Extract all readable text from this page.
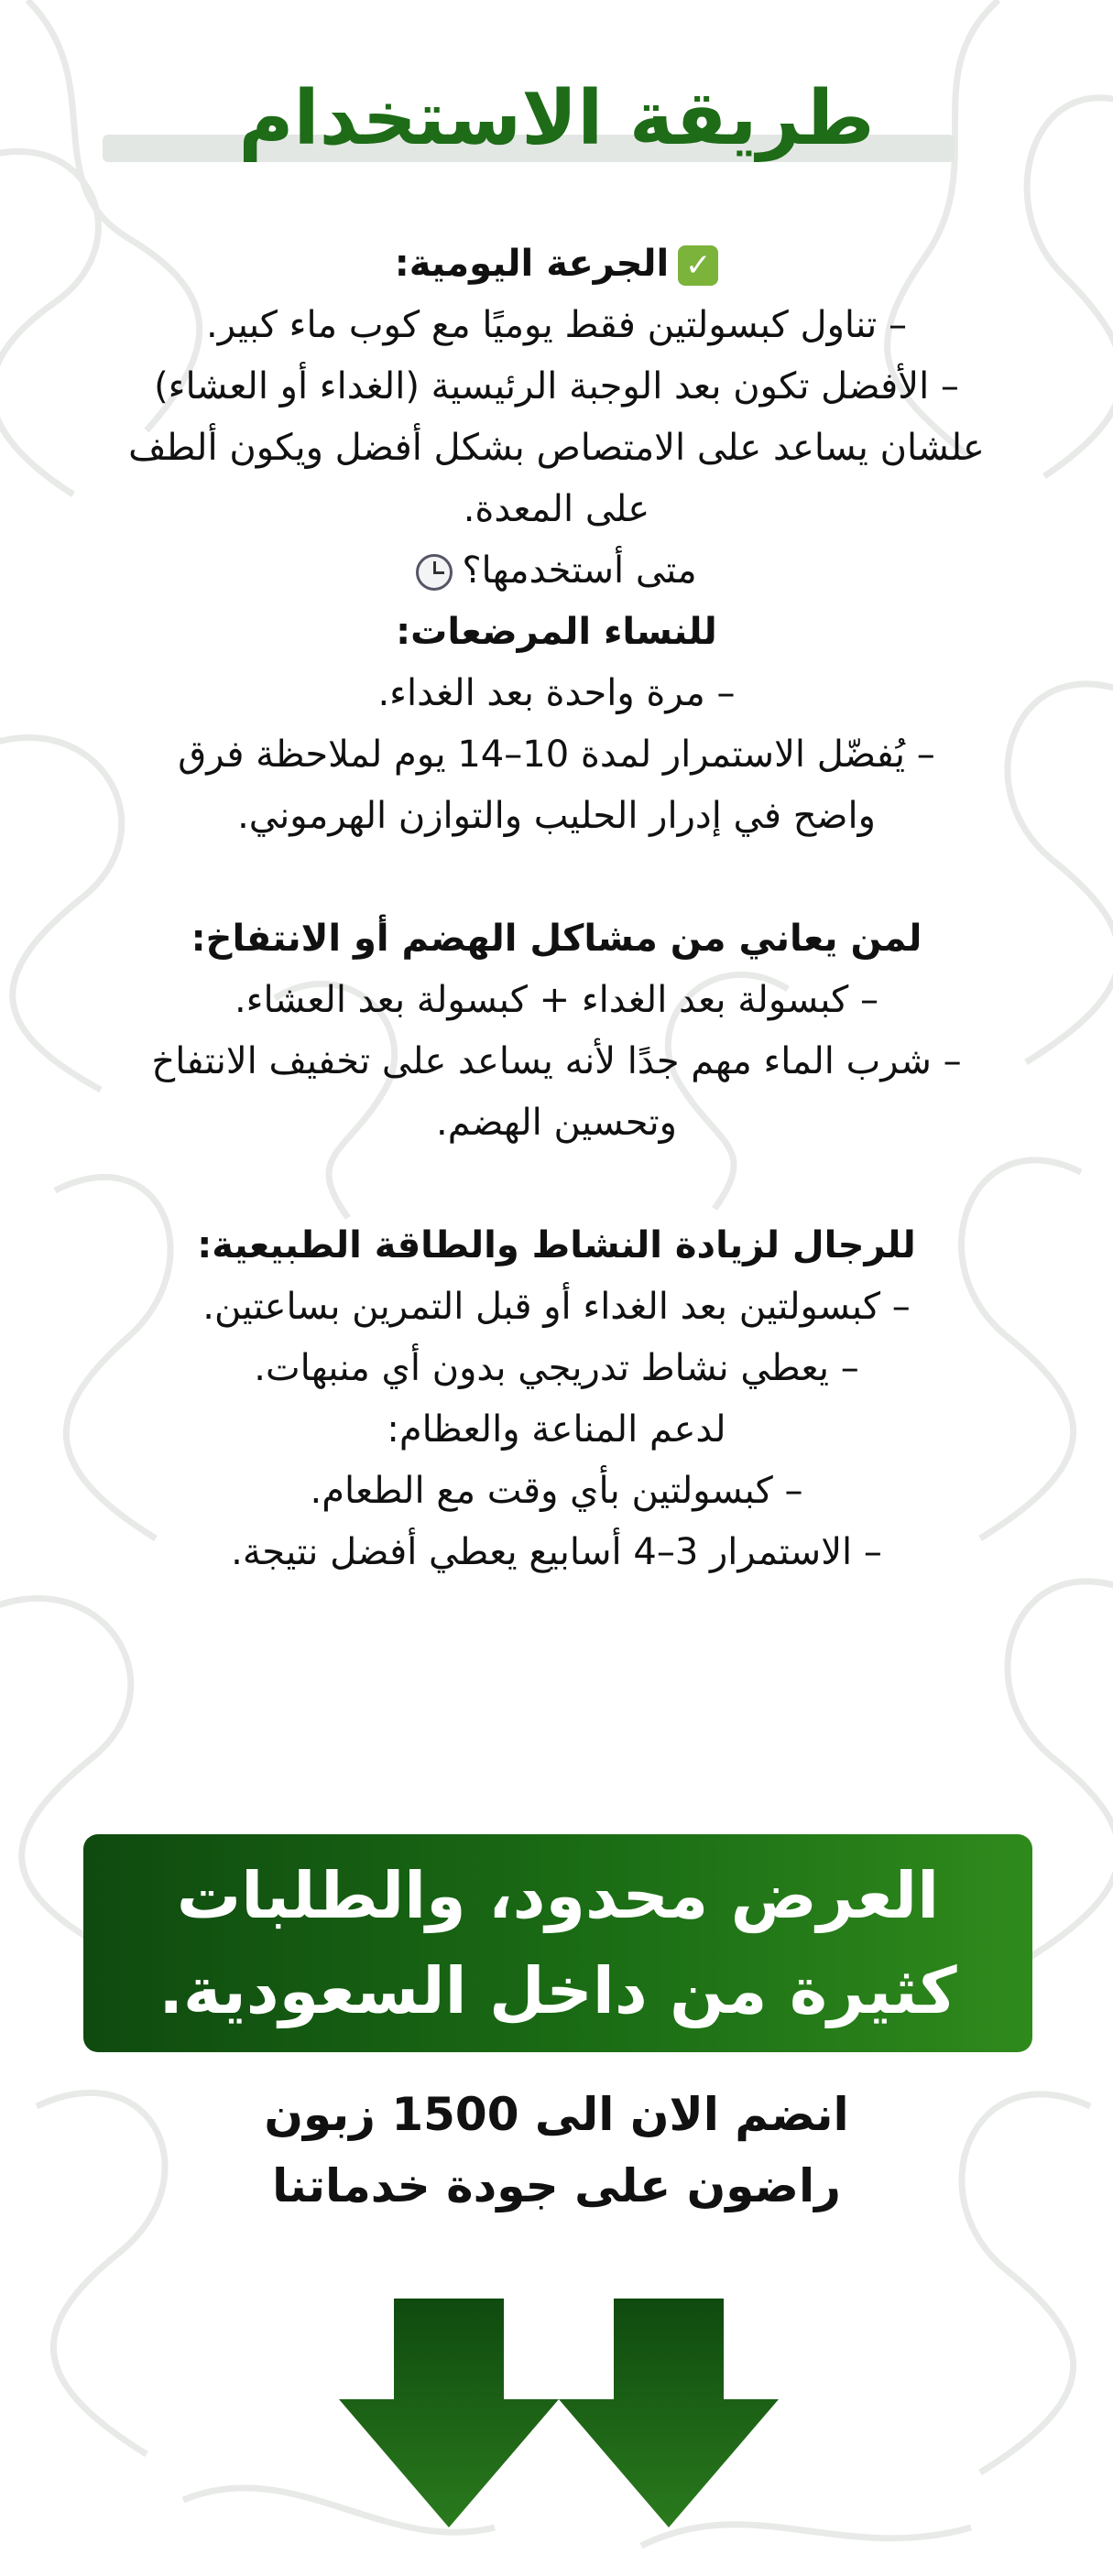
طريقة الاستخدام

✓الجرعة اليومية:

– تناول كبسولتين فقط يوميًا مع كوب ماء كبير.

– الأفضل تكون بعد الوجبة الرئيسية (الغداء أو العشاء)

علشان يساعد على الامتصاص بشكل أفضل ويكون ألطف

على المعدة.

متى أستخدمها؟

للنساء المرضعات:

– مرة واحدة بعد الغداء.

– يُفضّل الاستمرار لمدة 10–14 يوم لملاحظة فرق

واضح في إدرار الحليب والتوازن الهرموني.

لمن يعاني من مشاكل الهضم أو الانتفاخ:

– كبسولة بعد الغداء + كبسولة بعد العشاء.

– شرب الماء مهم جدًا لأنه يساعد على تخفيف الانتفاخ

وتحسين الهضم.

للرجال لزيادة النشاط والطاقة الطبيعية:

– كبسولتين بعد الغداء أو قبل التمرين بساعتين.

– يعطي نشاط تدريجي بدون أي منبهات.

لدعم المناعة والعظام:

– كبسولتين بأي وقت مع الطعام.

– الاستمرار 3–4 أسابيع يعطي أفضل نتيجة.

العرض محدود، والطلبات
كثيرة من داخل السعودية.

انضم الان الى 1500 زبون

راضون على جودة خدماتنا
